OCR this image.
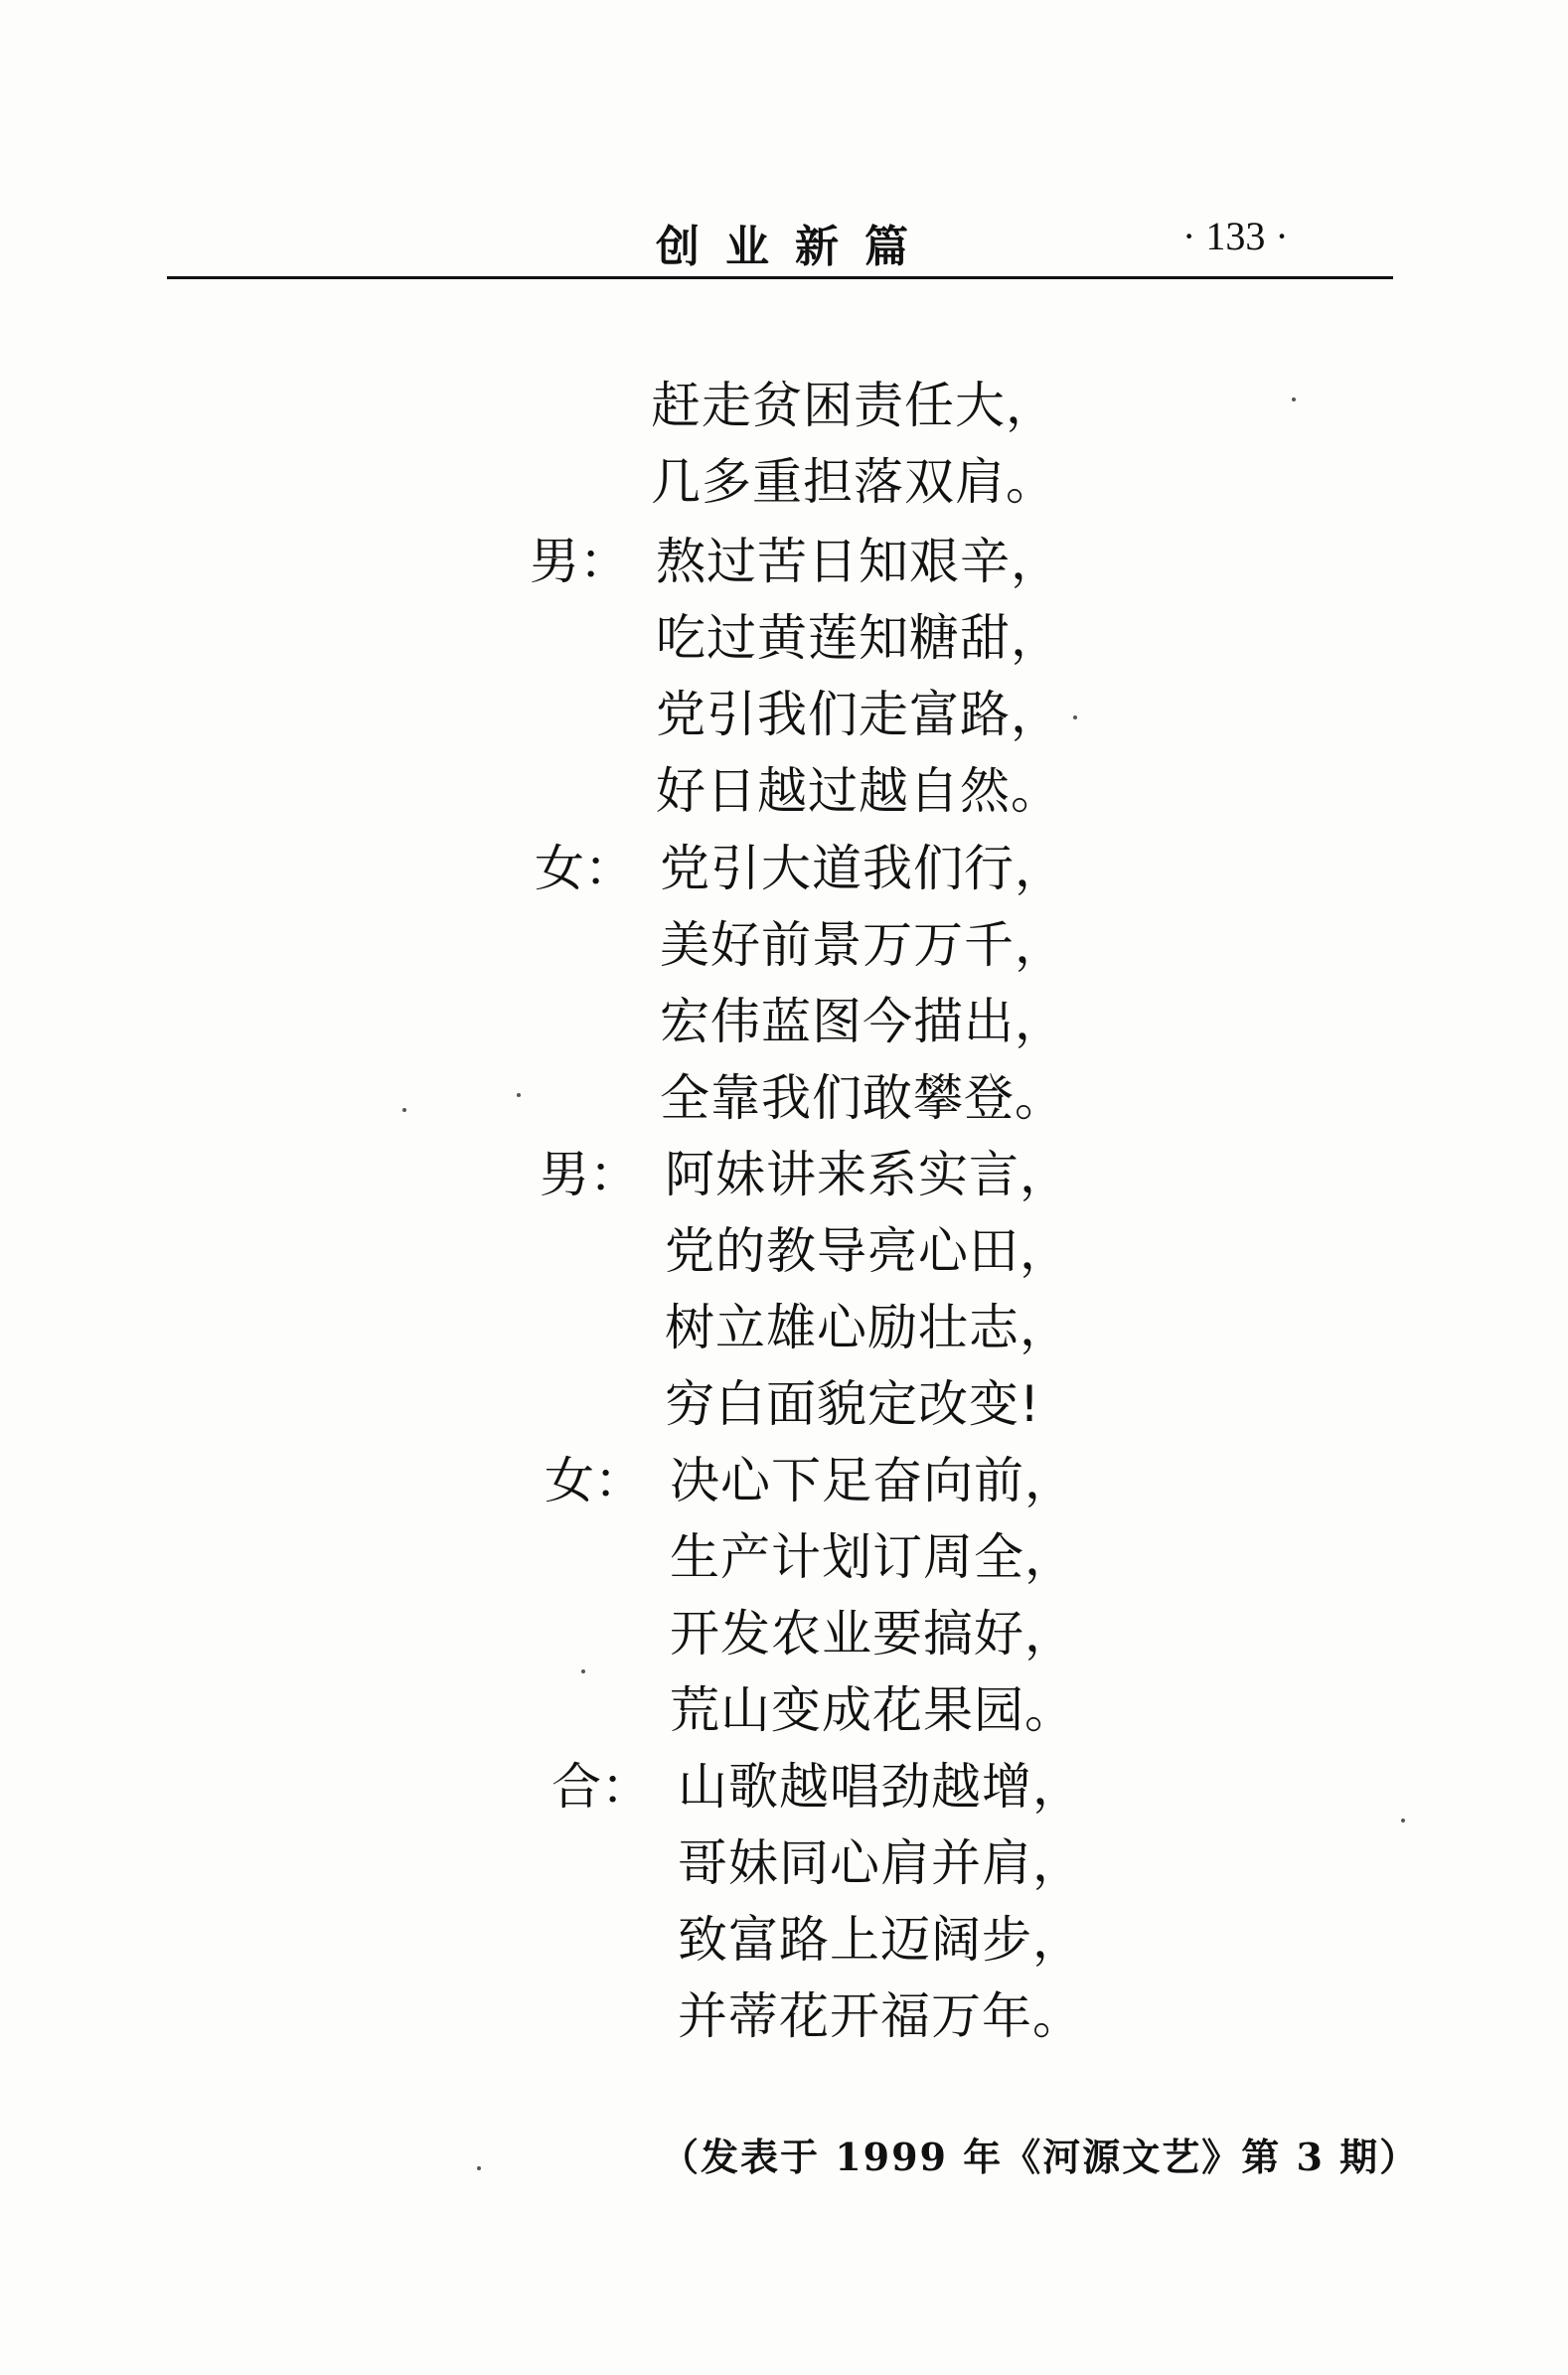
创业新篇	· 133 ·
赶走贫困责任大，
几多重担落双肩。
男： 熬过苦日知艰辛，
吃过黄莲知糖甜，
党引我们走富路，
好日越过越自然。
女： 党引大道我们行，
美好前景万万千，
宏伟蓝图今描出，
全靠我们敢攀登。
男： 阿妹讲来系实言，
党的教导亮心田，
树立雄心励壮志，
穷白面貌定改变!
女： 决心下足奋向前，
生产计划订周全，
开发农业要搞好，
荒山变成花果园。
合： 山歌越唱劲越增，
哥妹同心肩并肩，
致富路上迈阔步，
并蒂花开福万年。
（发表于 1999 年《河源文艺》第 3 期）
